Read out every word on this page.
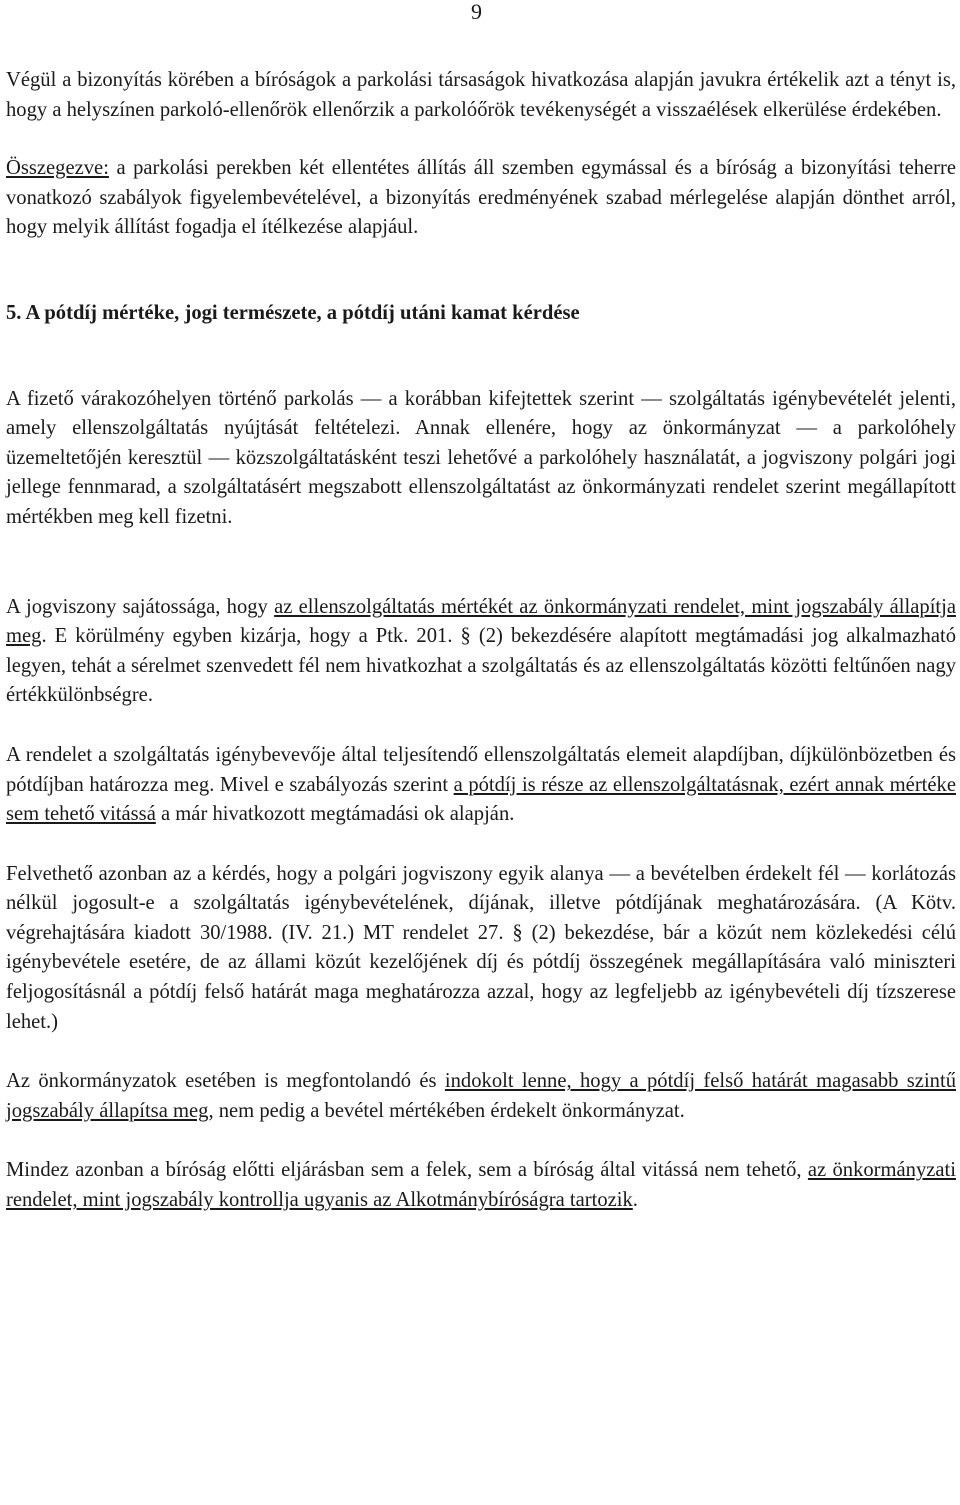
9

Végül a bizonyítás körében a bíróságok a parkolási társaságok hivatkozása alapján javukra értékelik azt a tényt is, hogy a helyszínen parkoló-ellenőrök ellenőrzik a parkolóőrök tevékenységét a visszaélések elkerülése érdekében.

Összegezve: a parkolási perekben két ellentétes állítás áll szemben egymással és a bíróság a bizonyítási teherre vonatkozó szabályok figyelembevételével, a bizonyítás eredményének szabad mérlegelése alapján dönthet arról, hogy melyik állítást fogadja el ítélkezése alapjául.

5. A pótdíj mértéke, jogi természete, a pótdíj utáni kamat kérdése

A fizető várakozóhelyen történő parkolás — a korábban kifejtettek szerint — szolgáltatás igénybevételét jelenti, amely ellenszolgáltatás nyújtását feltételezi. Annak ellenére, hogy az önkormányzat — a parkolóhely üzemeltetőjén keresztül — közszolgáltatásként teszi lehetővé a parkolóhely használatát, a jogviszony polgári jogi jellege fennmarad, a szolgáltatásért megszabott ellenszolgáltatást az önkormányzati rendelet szerint megállapított mértékben meg kell fizetni.

A jogviszony sajátossága, hogy az ellenszolgáltatás mértékét az önkormányzati rendelet, mint jogszabály állapítja meg. E körülmény egyben kizárja, hogy a Ptk. 201. § (2) bekezdésére alapított megtámadási jog alkalmazható legyen, tehát a sérelmet szenvedett fél nem hivatkozhat a szolgáltatás és az ellenszolgáltatás közötti feltűnően nagy értékkülönbségre.

A rendelet a szolgáltatás igénybevevője által teljesítendő ellenszolgáltatás elemeit alapdíjban, díjkülönbözetben és pótdíjban határozza meg. Mivel e szabályozás szerint a pótdíj is része az ellenszolgáltatásnak, ezért annak mértéke sem tehető vitássá a már hivatkozott megtámadási ok alapján.

Felvethető azonban az a kérdés, hogy a polgári jogviszony egyik alanya — a bevételben érdekelt fél — korlátozás nélkül jogosult-e a szolgáltatás igénybevételének, díjának, illetve pótdíjának meghatározására. (A Kötv. végrehajtására kiadott 30/1988. (IV. 21.) MT rendelet 27. § (2) bekezdése, bár a közút nem közlekedési célú igénybevétele esetére, de az állami közút kezelőjének díj és pótdíj összegének megállapítására való miniszteri feljogosításnál a pótdíj felső határát maga meghatározza azzal, hogy az legfeljebb az igénybevételi díj tízszerese lehet.)

Az önkormányzatok esetében is megfontolandó és indokolt lenne, hogy a pótdíj felső határát magasabb szintű jogszabály állapítsa meg, nem pedig a bevétel mértékében érdekelt önkormányzat.

Mindez azonban a bíróság előtti eljárásban sem a felek, sem a bíróság által vitássá nem tehető, az önkormányzati rendelet, mint jogszabály kontrollja ugyanis az Alkotmánybíróságra tartozik.
